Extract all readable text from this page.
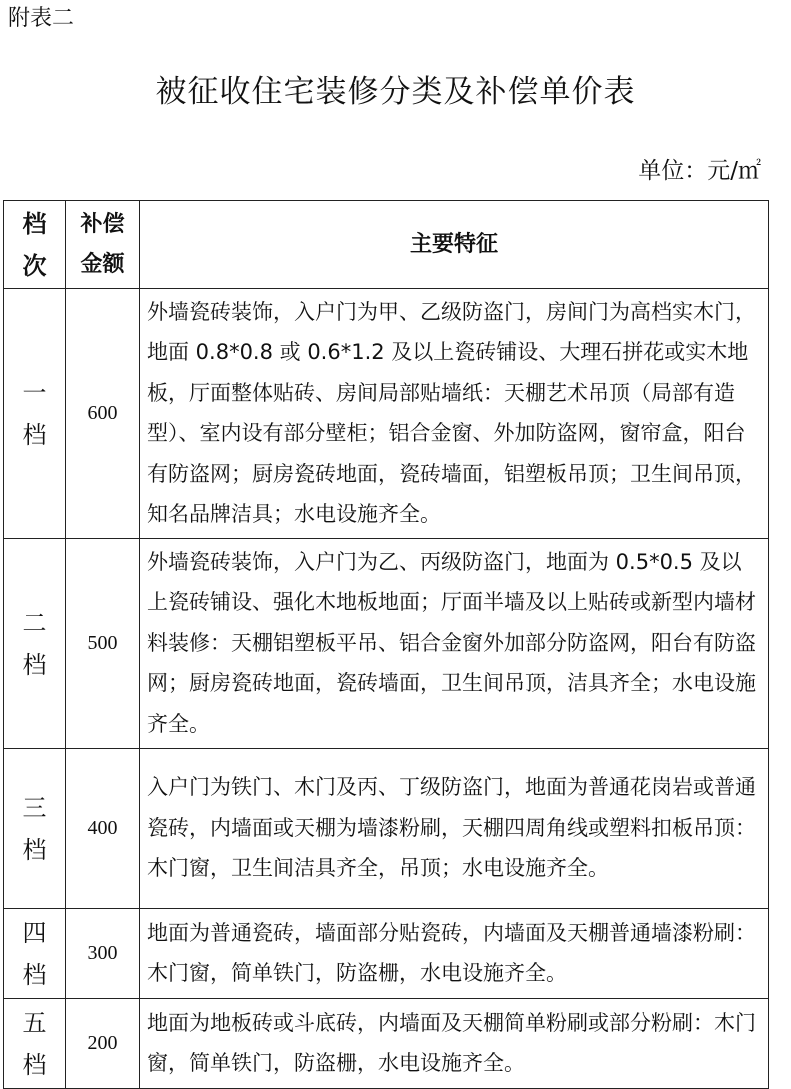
附表二
被征收住宅装修分类及补偿单价表
单位：元/㎡
档次	补偿金额	主要特征
一档	600	外墙瓷砖装饰，入户门为甲、乙级防盗门，房间门为高档实木门，地面 0.8*0.8 或 0.6*1.2 及以上瓷砖铺设、大理石拼花或实木地板，厅面整体贴砖、房间局部贴墙纸：天棚艺术吊顶（局部有造型）、室内设有部分壁柜；铝合金窗、外加防盗网，窗帘盒，阳台有防盗网；厨房瓷砖地面，瓷砖墙面，铝塑板吊顶；卫生间吊顶，知名品牌洁具；水电设施齐全。
二档	500	外墙瓷砖装饰，入户门为乙、丙级防盗门，地面为 0.5*0.5 及以上瓷砖铺设、强化木地板地面；厅面半墙及以上贴砖或新型内墙材料装修：天棚铝塑板平吊、铝合金窗外加部分防盗网，阳台有防盗网；厨房瓷砖地面，瓷砖墙面，卫生间吊顶，洁具齐全；水电设施齐全。
三档	400	入户门为铁门、木门及丙、丁级防盗门，地面为普通花岗岩或普通瓷砖，内墙面或天棚为墙漆粉刷，天棚四周角线或塑料扣板吊顶：木门窗，卫生间洁具齐全，吊顶；水电设施齐全。
四档	300	地面为普通瓷砖，墙面部分贴瓷砖，内墙面及天棚普通墙漆粉刷：木门窗，简单铁门，防盗栅，水电设施齐全。
五档	200	地面为地板砖或斗底砖，内墙面及天棚简单粉刷或部分粉刷：木门窗，简单铁门，防盗栅，水电设施齐全。
